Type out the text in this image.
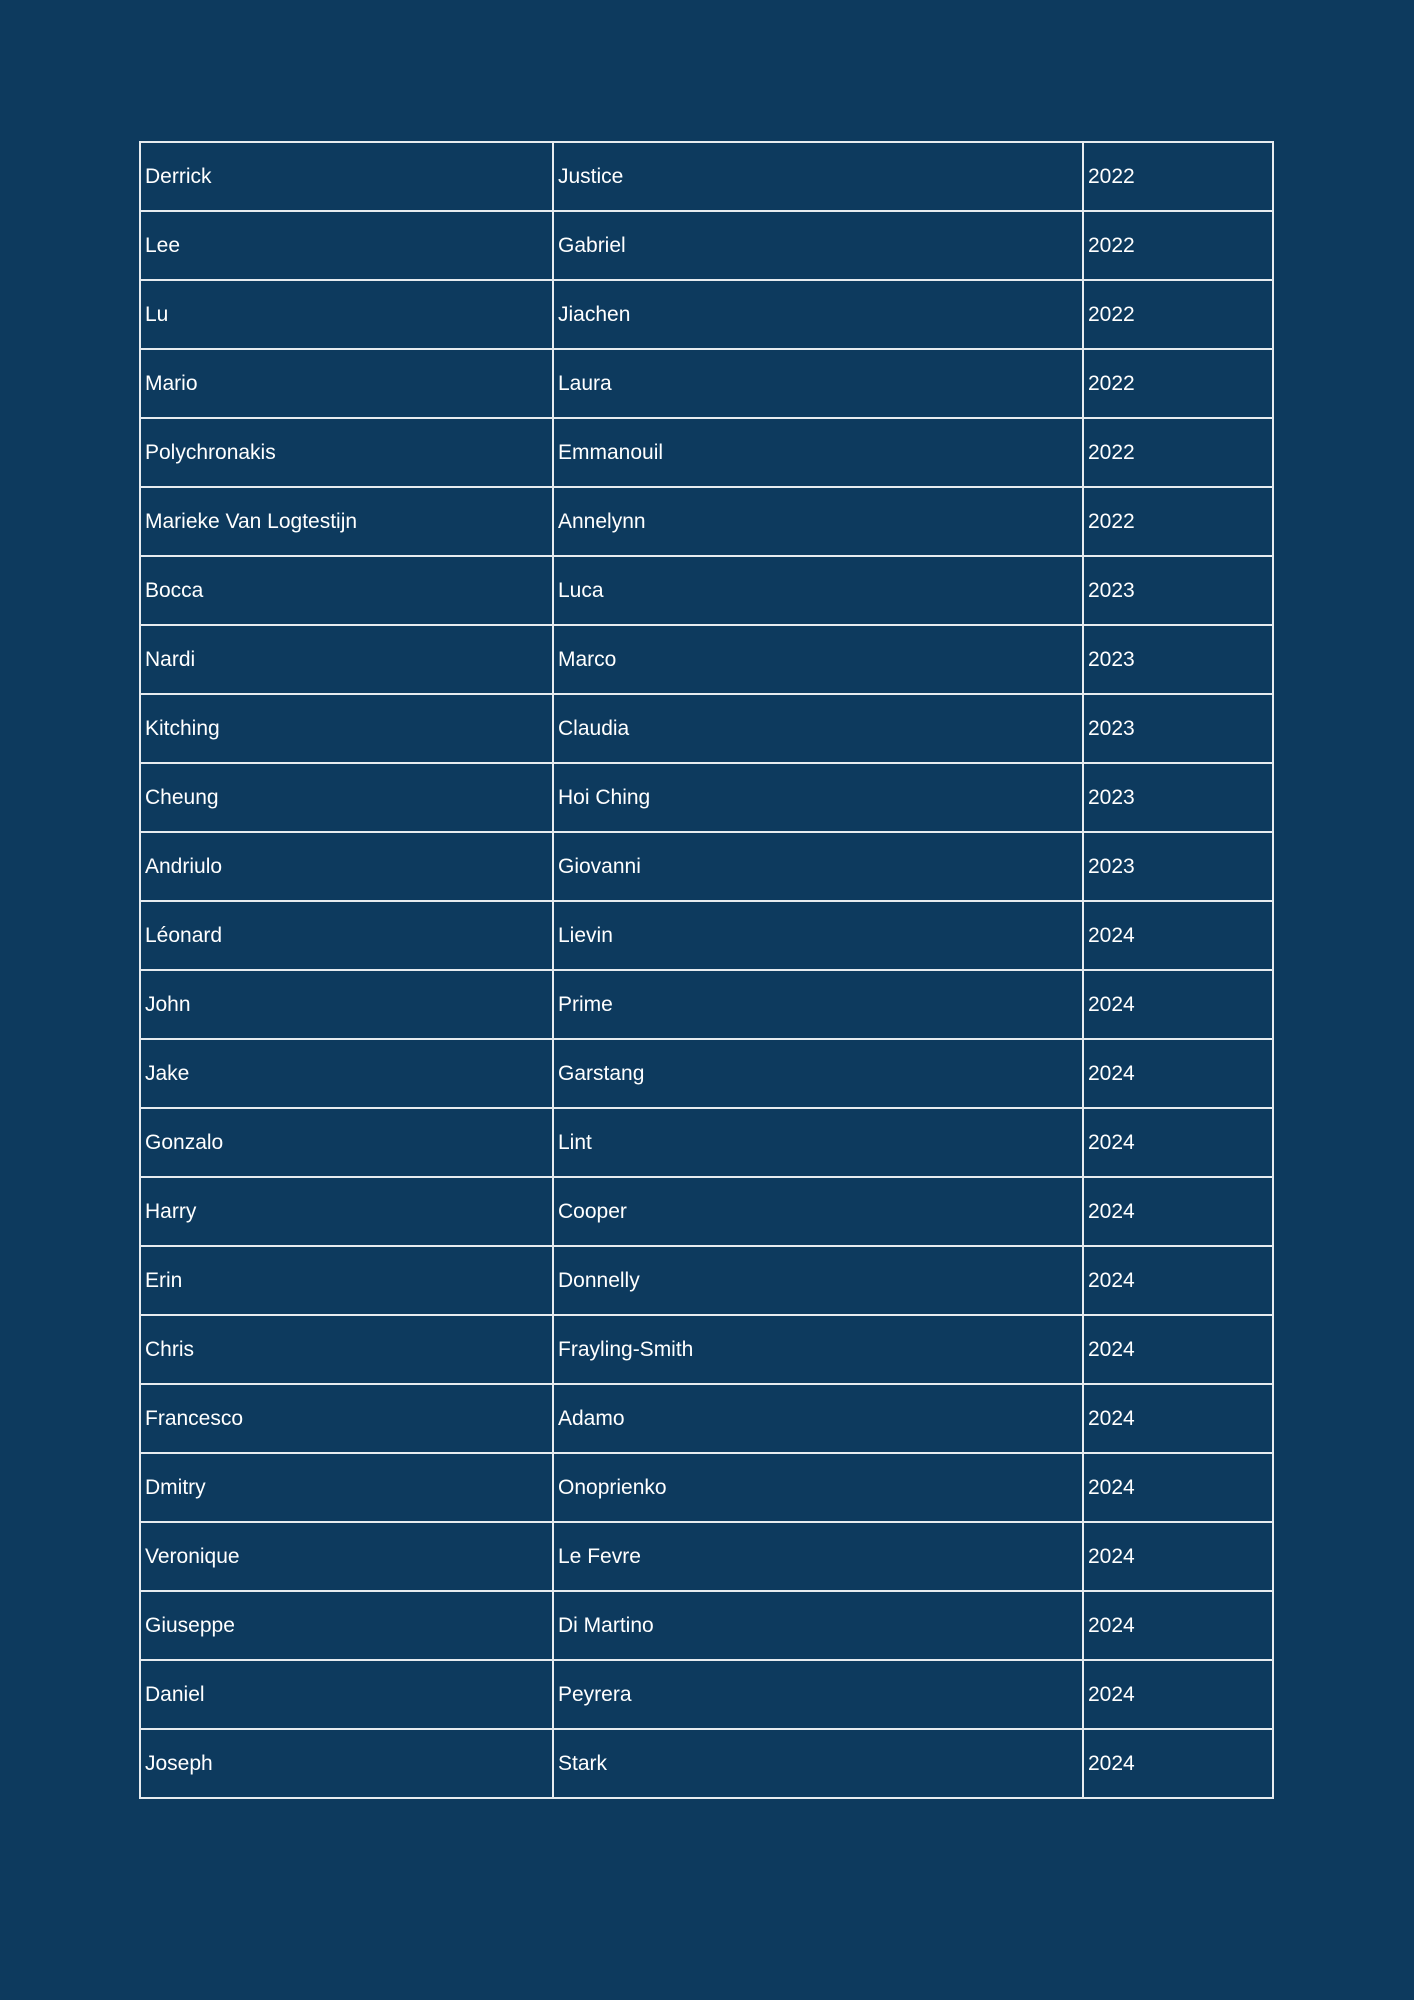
Derrick	Justice	2022
Lee	Gabriel	2022
Lu	Jiachen	2022
Mario	Laura	2022
Polychronakis	Emmanouil	2022
Marieke Van Logtestijn	Annelynn	2022
Bocca	Luca	2023
Nardi	Marco	2023
Kitching	Claudia	2023
Cheung	Hoi Ching	2023
Andriulo	Giovanni	2023
Léonard	Lievin	2024
John	Prime	2024
Jake	Garstang	2024
Gonzalo	Lint	2024
Harry	Cooper	2024
Erin	Donnelly	2024
Chris	Frayling-Smith	2024
Francesco	Adamo	2024
Dmitry	Onoprienko	2024
Veronique	Le Fevre	2024
Giuseppe	Di Martino	2024
Daniel	Peyrera	2024
Joseph	Stark	2024
